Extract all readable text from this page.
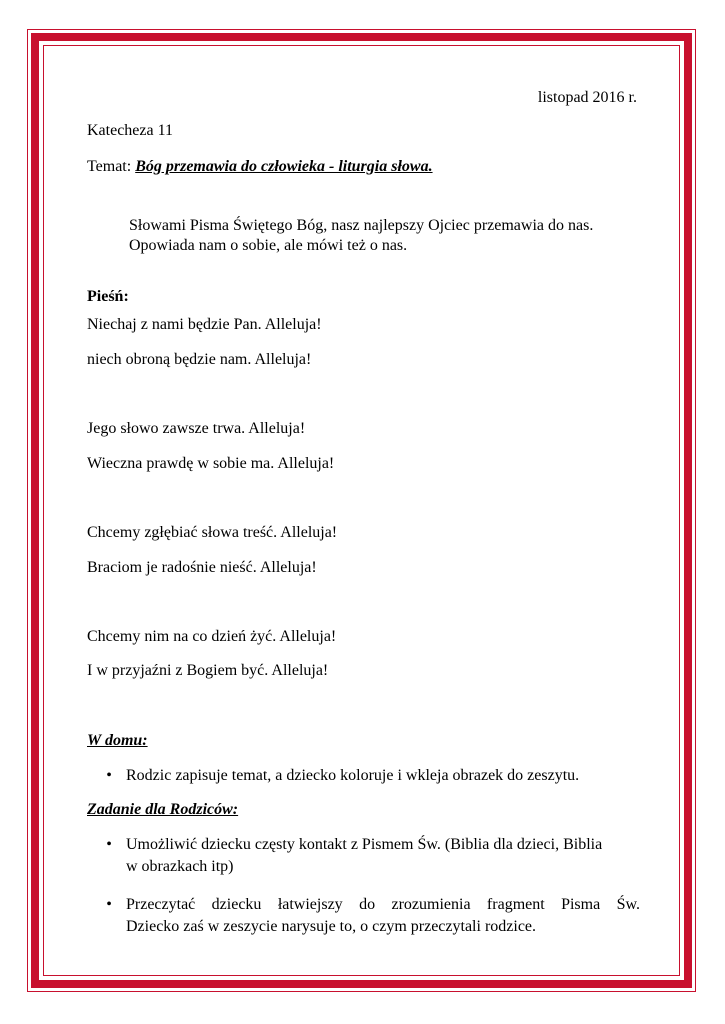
listopad 2016 r.
Katecheza 11
Temat: Bóg przemawia do człowieka - liturgia słowa.
Słowami Pisma Świętego Bóg, nasz najlepszy Ojciec przemawia do nas.
Opowiada nam o sobie, ale mówi też o nas.
Pieśń:
Niechaj z nami będzie Pan. Alleluja!
niech obroną będzie nam. Alleluja!
Jego słowo zawsze trwa. Alleluja!
Wieczna prawdę w sobie ma. Alleluja!
Chcemy zgłębiać słowa treść. Alleluja!
Braciom je radośnie nieść. Alleluja!
Chcemy nim na co dzień żyć. Alleluja!
I w przyjaźni z Bogiem być. Alleluja!
W domu:
• Rodzic zapisuje temat, a dziecko koloruje i wkleja obrazek do zeszytu.
Zadanie dla Rodziców:
• Umożliwić dziecku częsty kontakt z Pismem Św. (Biblia dla dzieci, Biblia
w obrazkach itp)
• Przeczytać dziecku łatwiejszy do zrozumienia fragment Pisma Św.
Dziecko zaś w zeszycie narysuje to, o czym przeczytali rodzice.
